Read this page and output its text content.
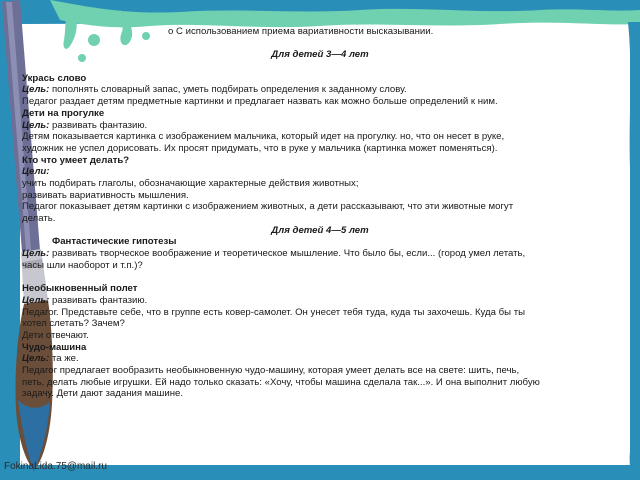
о С использованием приема вариативности высказывании.
Для детей 3—4 лет
Укрась слово
Цель: пополнять словарный запас, уметь подбирать определения к заданному слову.
Педагог раздает детям предметные картинки и предлагает назвать как можно больше определений к ним.
Дети на прогулке
Цель: развивать фантазию.
Детям показывается картинка с изображением мальчика, который идет на прогулку. но, что он несет в руке,
художник не успел дорисовать. Их просят придумать, что в руке у мальчика (картинка может поменяться).
Кто что умеет делать?
Цели:
учить подбирать глаголы, обозначающие характерные действия животных;
развивать вариативность мышления.
Педагог показывает детям картинки с изображением животных, а дети рассказывают, что эти животные могут
делать.
Для детей 4—5 лет
Фантастические гипотезы
Цель: развивать творческое воображение и теоретическое мышление. Что было бы, если... (город умел летать,
часы шли наоборот и т.п.)?
Необыкновенный полет
Цель: развивать фантазию.
Педагог. Представьте себе, что в группе есть ковер-самолет. Он унесет тебя туда, куда ты захочешь. Куда бы ты
хотел слетать? Зачем?
Дети отвечают.
Чудо-машина
Цель: та же.
Педагог предлагает вообразить необыкновенную чудо-машину, которая умеет делать все на свете: шить, печь,
петь, делать любые игрушки. Ей надо только сказать: «Хочу, чтобы машина сделала так...». И она выполнит любую
задачу. Дети дают задания машине.
FokinaLida.75@mail.ru
